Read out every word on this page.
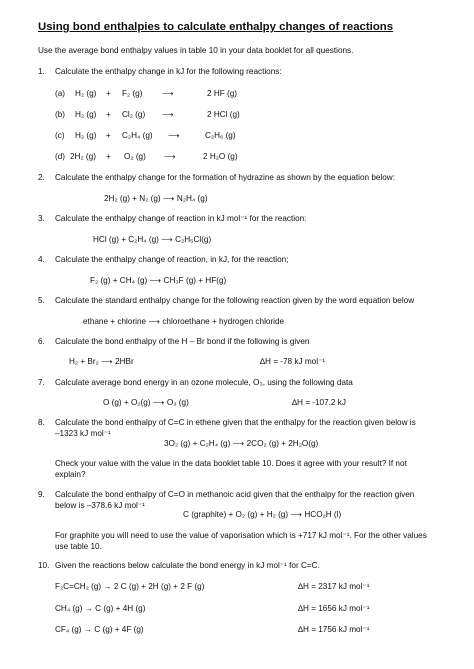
Using bond enthalpies to calculate enthalpy changes of reactions
Use the average bond enthalpy values in table 10 in your data booklet for all questions.
1. Calculate the enthalpy change in kJ for the following reactions:
(a) H₂ (g) + F₂ (g) ⟶	2 HF (g)
(b) H₂ (g) + Cl₂ (g) ⟶	2 HCl (g)
(c) H₂ (g) + C₂H₄ (g) ⟶	C₂H₆ (g)
(d) 2H₂ (g) + O₂ (g) ⟶	2 H₂O (g)
2. Calculate the enthalpy change for the formation of hydrazine as shown by the equation below:
2H₂ (g) + N₂ (g) ⟶ N₂H₄ (g)
3. Calculate the enthalpy change of reaction in kJ mol⁻¹ for the reaction:
HCl (g) + C₂H₄ (g) ⟶ C₂H₅Cl(g)
4. Calculate the enthalpy change of reaction, in kJ, for the reaction;
F₂ (g) + CH₄ (g) ⟶ CH₃F (g) + HF(g)
5. Calculate the standard enthalpy change for the following reaction given by the word equation below
ethane + chlorine ⟶ chloroethane + hydrogen chloride
6. Calculate the bond enthalpy of the H – Br bond if the following is given
H₂ + Br₂ ⟶ 2HBr	∆H = -78 kJ mol⁻¹
7. Calculate average bond energy in an ozone molecule, O₃, using the following data
O (g) + O₂(g) ⟶ O₃ (g)	∆H = -107.2 kJ
8. Calculate the bond enthalpy of C=C in ethene given that the enthalpy for the reaction given below is
–1323 kJ mol⁻¹
3O₂ (g) + C₂H₄ (g) ⟶ 2CO₂ (g) + 2H₂O(g)
Check your value with the value in the data booklet table 10. Does it agree with your result? If not
explain?
9. Calculate the bond enthalpy of C=O in methanoic acid given that the enthalpy for the reaction given
below is –378.6 kJ mol⁻¹
C (graphite) + O₂ (g) + H₂ (g) ⟶ HCO₂H (l)
For graphite you will need to use the value of vaporisation which is +717 kJ mol⁻¹. For the other values
use table 10.
10. Given the reactions below calculate the bond energy in kJ mol⁻¹ for C=C.
F₂C=CH₂ (g) → 2 C (g) + 2H (g) + 2 F (g)	∆H = 2317 kJ mol⁻¹
CH₄ (g) → C (g) + 4H (g)	∆H = 1656 kJ mol⁻¹
CF₄ (g) → C (g) + 4F (g)	∆H = 1756 kJ mol⁻¹
